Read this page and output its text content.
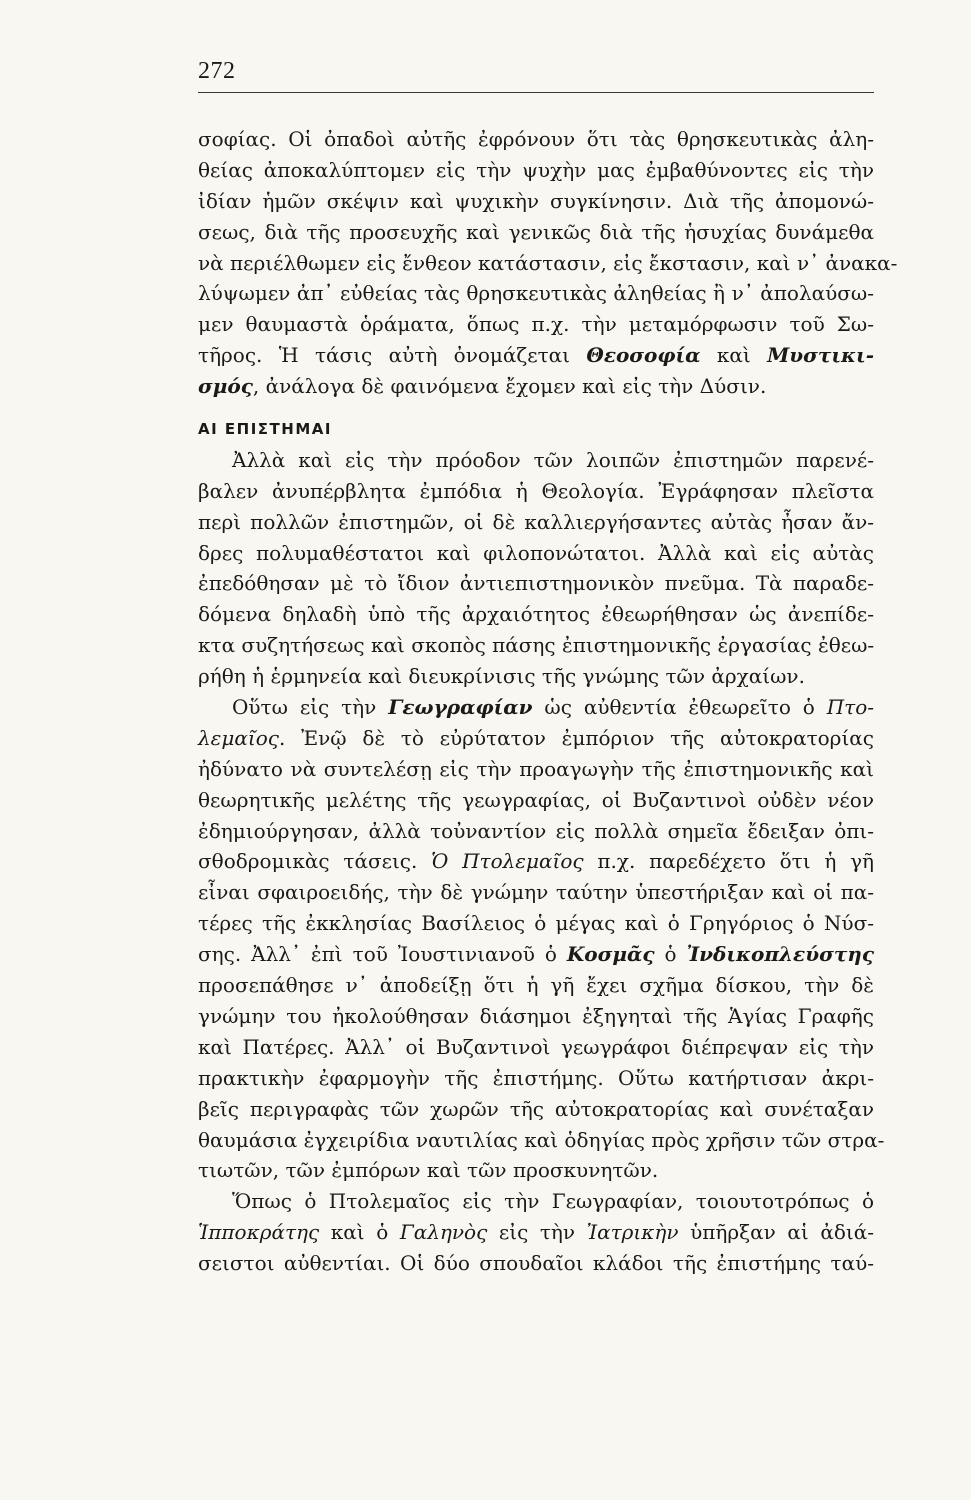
272
σοφίας. Οἱ ὀπαδοὶ αὐτῆς ἐφρόνουν ὅτι τὰς θρησκευτικὰς ἀλη-
θείας ἀποκαλύπτομεν εἰς τὴν ψυχὴν μας ἐμβαθύνοντες εἰς τὴν
ἰδίαν ἡμῶν σκέψιν καὶ ψυχικὴν συγκίνησιν. Διὰ τῆς ἀπομονώ-
σεως, διὰ τῆς προσευχῆς καὶ γενικῶς διὰ τῆς ἡσυχίας δυνάμεθα
νὰ περιέλθωμεν εἰς ἔνθεον κατάστασιν, εἰς ἔκστασιν, καὶ ν᾽ ἀνακα-
λύψωμεν ἀπ᾽ εὐθείας τὰς θρησκευτικὰς ἀληθείας ἢ ν᾽ ἀπολαύσω-
μεν θαυμαστὰ ὁράματα, ὅπως π.χ. τὴν μεταμόρφωσιν τοῦ Σω-
τῆρος. Ἡ τάσις αὐτὴ ὀνομάζεται Θεοσοφία καὶ Μυστικι-
σμός, ἀνάλογα δὲ φαινόμενα ἔχομεν καὶ εἰς τὴν Δύσιν.
ΑΙ ΕΠΙΣΤΗΜΑΙ
Ἀλλὰ καὶ εἰς τὴν πρόοδον τῶν λοιπῶν ἐπιστημῶν παρενέ-
βαλεν ἀνυπέρβλητα ἐμπόδια ἡ Θεολογία. Ἐγράφησαν πλεῖστα
περὶ πολλῶν ἐπιστημῶν, οἱ δὲ καλλιεργήσαντες αὐτὰς ἦσαν ἄν-
δρες πολυμαθέστατοι καὶ φιλοπονώτατοι. Ἀλλὰ καὶ εἰς αὐτὰς
ἐπεδόθησαν μὲ τὸ ἴδιον ἀντιεπιστημονικὸν πνεῦμα. Τὰ παραδε-
δόμενα δηλαδὴ ὑπὸ τῆς ἀρχαιότητος ἐθεωρήθησαν ὡς ἀνεπίδε-
κτα συζητήσεως καὶ σκοπὸς πάσης ἐπιστημονικῆς ἐργασίας ἐθεω-
ρήθη ἡ ἑρμηνεία καὶ διευκρίνισις τῆς γνώμης τῶν ἀρχαίων.
Οὕτω εἰς τὴν Γεωγραφίαν ὡς αὐθεντία ἐθεωρεῖτο ὁ Πτο-
λεμαῖος. Ἐνῷ δὲ τὸ εὐρύτατον ἐμπόριον τῆς αὐτοκρατορίας
ἠδύνατο νὰ συντελέσῃ εἰς τὴν προαγωγὴν τῆς ἐπιστημονικῆς καὶ
θεωρητικῆς μελέτης τῆς γεωγραφίας, οἱ Βυζαντινοὶ οὐδὲν νέον
ἐδημιούργησαν, ἀλλὰ τοὐναντίον εἰς πολλὰ σημεῖα ἔδειξαν ὀπι-
σθοδρομικὰς τάσεις. Ὁ Πτολεμαῖος π.χ. παρεδέχετο ὅτι ἡ γῆ
εἶναι σφαιροειδής, τὴν δὲ γνώμην ταύτην ὑπεστήριξαν καὶ οἱ πα-
τέρες τῆς ἐκκλησίας Βασίλειος ὁ μέγας καὶ ὁ Γρηγόριος ὁ Νύσ-
σης. Ἀλλ᾽ ἐπὶ τοῦ Ἰουστινιανοῦ ὁ Κοσμᾶς ὁ Ἰνδικοπλεύστης
προσεπάθησε ν᾽ ἀποδείξῃ ὅτι ἡ γῆ ἔχει σχῆμα δίσκου, τὴν δὲ
γνώμην του ἠκολούθησαν διάσημοι ἐξηγηταὶ τῆς Ἁγίας Γραφῆς
καὶ Πατέρες. Ἀλλ᾽ οἱ Βυζαντινοὶ γεωγράφοι διέπρεψαν εἰς τὴν
πρακτικὴν ἐφαρμογὴν τῆς ἐπιστήμης. Οὕτω κατήρτισαν ἀκρι-
βεῖς περιγραφὰς τῶν χωρῶν τῆς αὐτοκρατορίας καὶ συνέταξαν
θαυμάσια ἐγχειρίδια ναυτιλίας καὶ ὁδηγίας πρὸς χρῆσιν τῶν στρα-
τιωτῶν, τῶν ἐμπόρων καὶ τῶν προσκυνητῶν.
Ὅπως ὁ Πτολεμαῖος εἰς τὴν Γεωγραφίαν, τοιουτοτρόπως ὁ
Ἱπποκράτης καὶ ὁ Γαληνὸς εἰς τὴν Ἰατρικὴν ὑπῆρξαν αἱ ἀδιά-
σειστοι αὐθεντίαι. Οἱ δύο σπουδαῖοι κλάδοι τῆς ἐπιστήμης ταύ-
